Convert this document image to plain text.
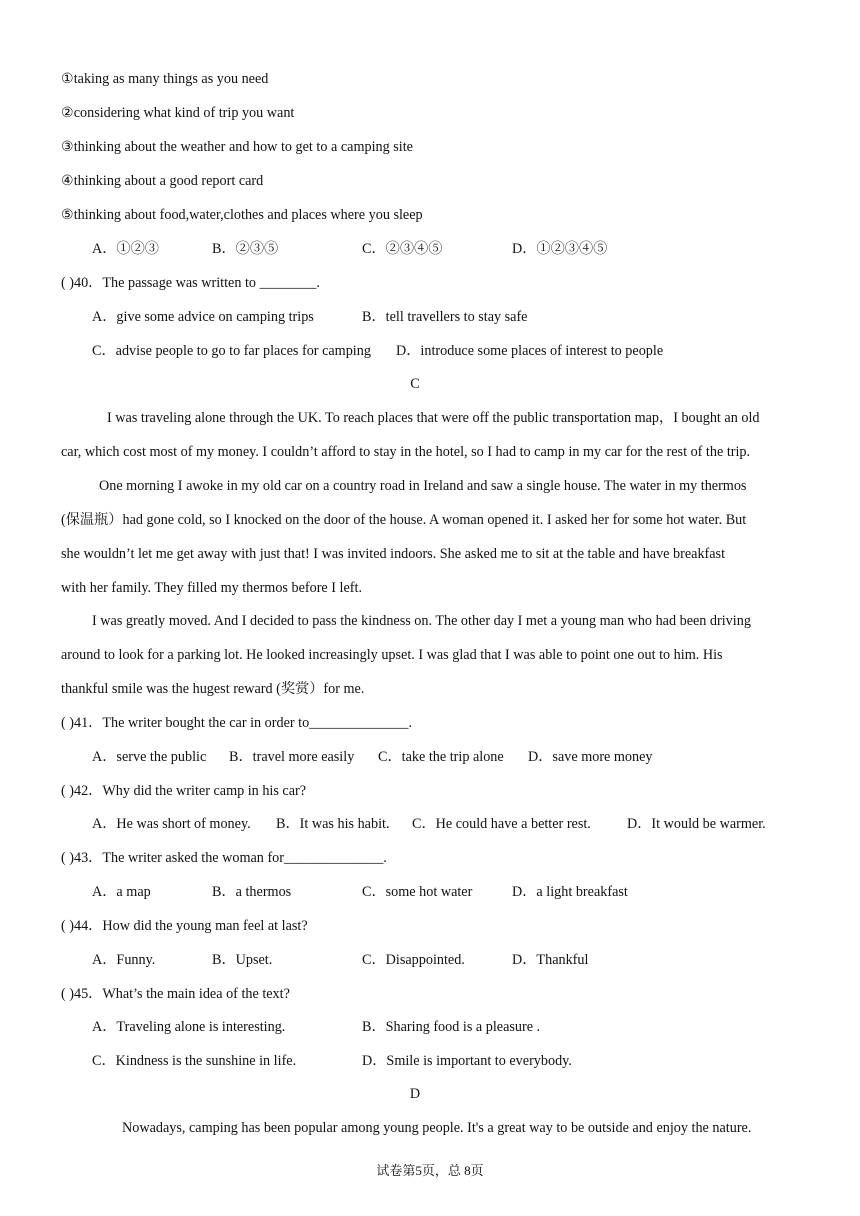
①taking as many things as you need
②considering what kind of trip you want
③thinking about the weather and how to get to a camping site
④thinking about a good report card
⑤thinking about food,water,clothes and places where you sleep
A．①②③	B．②③⑤	C．②③④⑤	D．①②③④⑤
( )40．The passage was written to ________.
A．give some advice on camping trips	B．tell travellers to stay safe
C．advise people to go to far places for camping D．introduce some places of interest to people
C
I was traveling alone through the UK. To reach places that were off the public transportation map，I bought an old
car, which cost most of my money. I couldn’t afford to stay in the hotel, so I had to camp in my car for the rest of the trip.
One morning I awoke in my old car on a country road in Ireland and saw a single house. The water in my thermos
(保温瓶）had gone cold, so I knocked on the door of the house. A woman opened it. I asked her for some hot water. But
she wouldn’t let me get away with just that! I was invited indoors. She asked me to sit at the table and have breakfast
with her family. They filled my thermos before I left.
I was greatly moved. And I decided to pass the kindness on. The other day I met a young man who had been driving
around to look for a parking lot. He looked increasingly upset. I was glad that I was able to point one out to him. His
thankful smile was the hugest reward (奖赏）for me.
( )41．The writer bought the car in order to______________.
A．serve the public B．travel more easily C．take the trip alone D．save more money
( )42．Why did the writer camp in his car?
A．He was short of money. B．It was his habit. C．He could have a better rest.	D．It would be warmer.
( )43．The writer asked the woman for______________.
A．a map	B．a thermos	C．some hot water	D．a light breakfast
( )44．How did the young man feel at last?
A．Funny.	B．Upset.	C．Disappointed.	D．Thankful
( )45．What’s the main idea of the text?
A．Traveling alone is interesting.	B．Sharing food is a pleasure .
C．Kindness is the sunshine in life.	D．Smile is important to everybody.
D
Nowadays, camping has been popular among young people. It's a great way to be outside and enjoy the nature.
试卷第5页，总 8页
